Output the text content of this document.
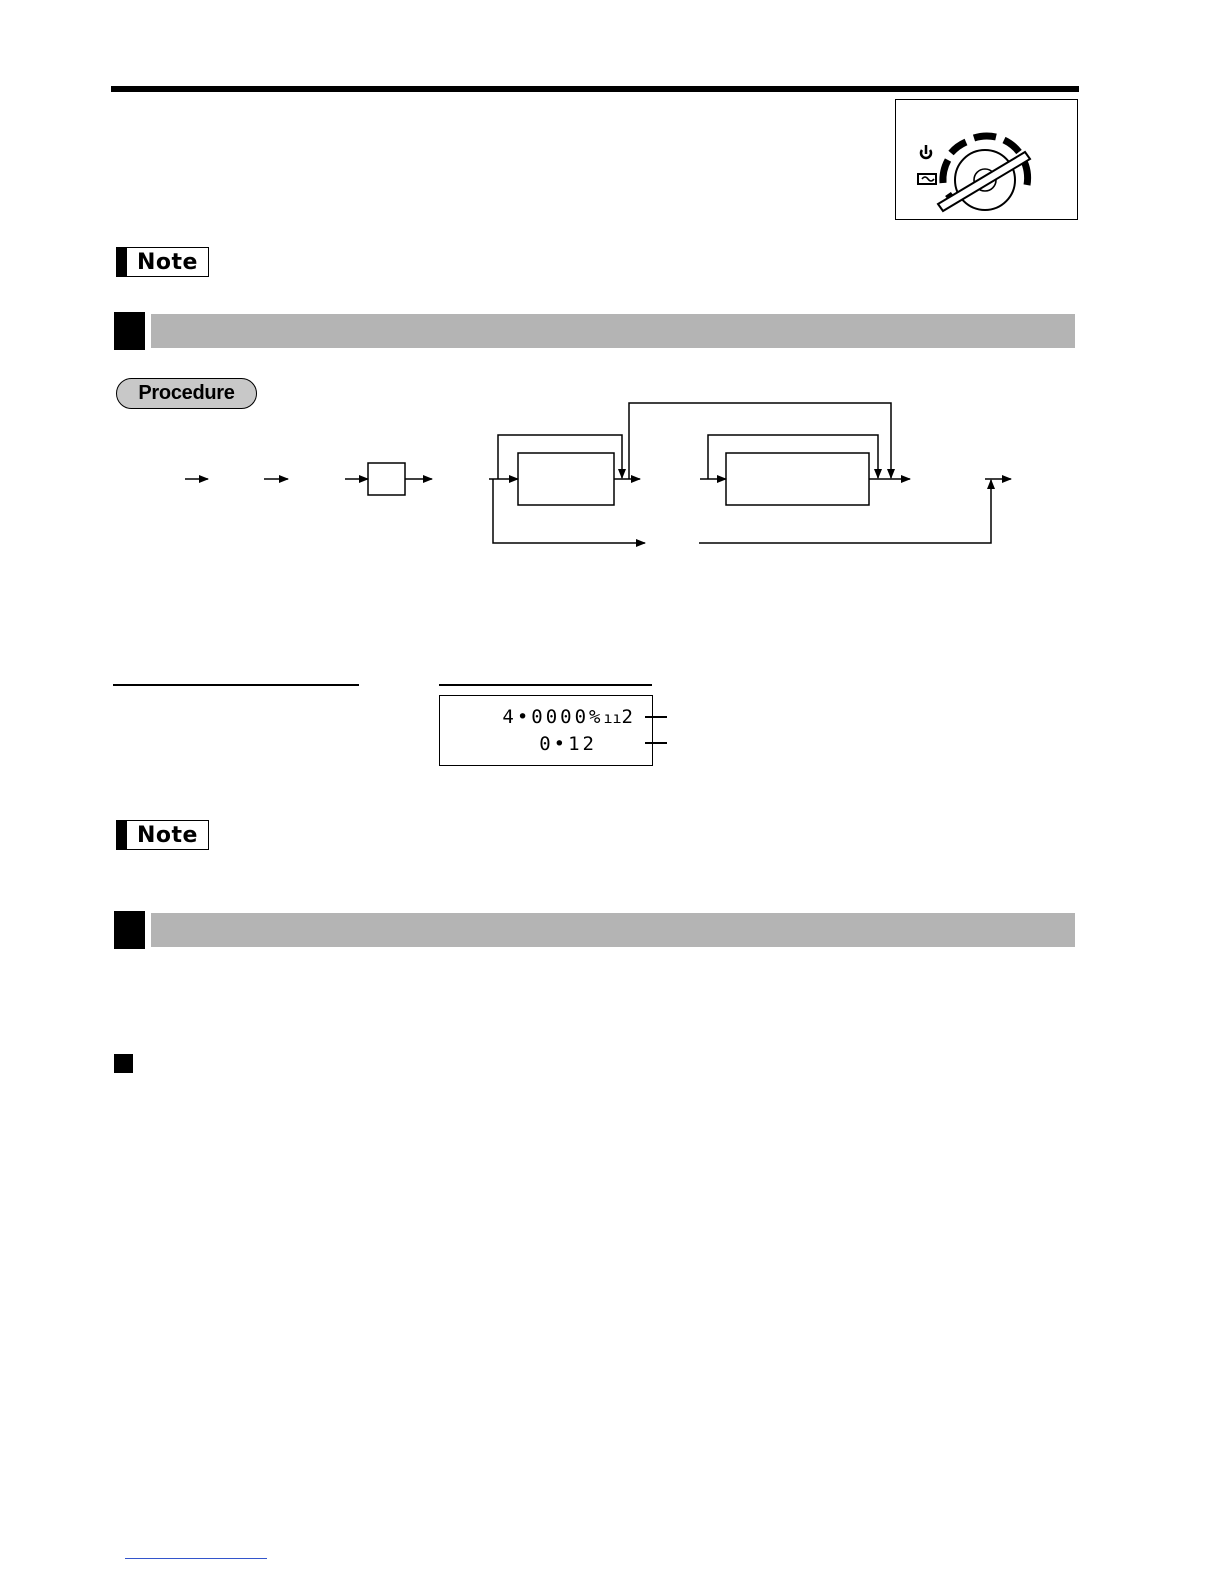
Note
Procedure
4•0000%ıı2
0•12
Note
